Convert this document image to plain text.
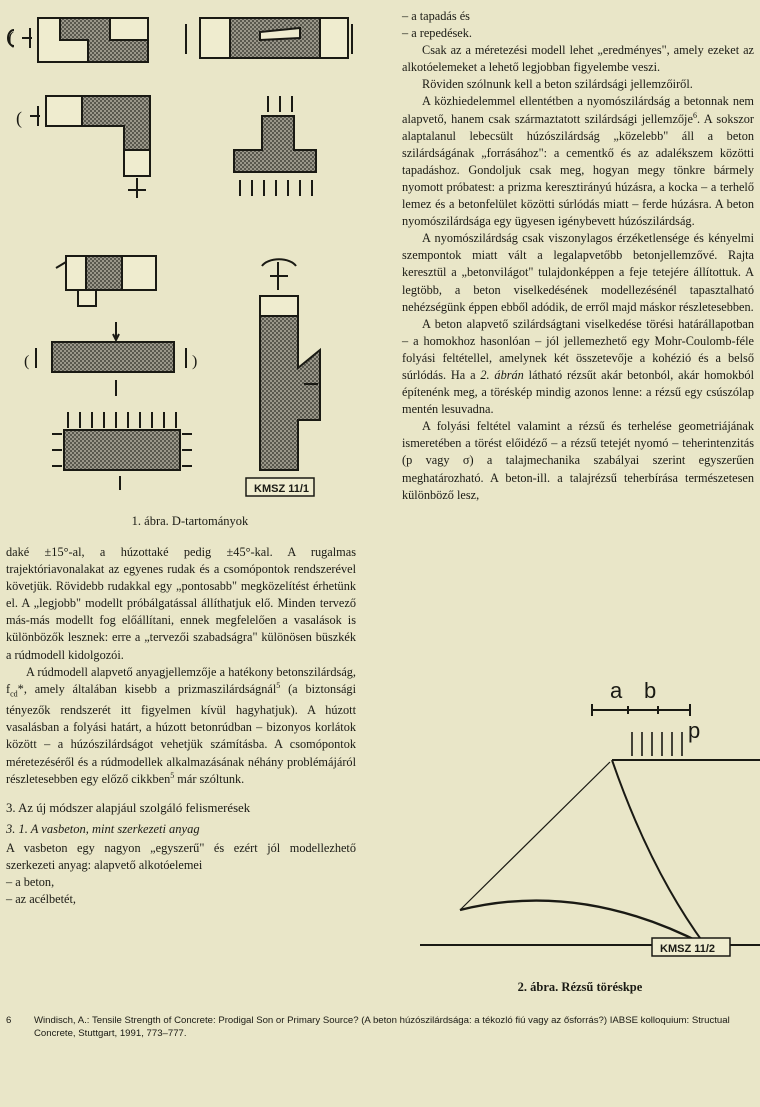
(
(
(	)
KMSZ 11/1
1. ábra. D-tartományok

daké ±15°-al, a húzottaké pedig ±45°-kal. A rugalmas trajektóriavonalakat az egyenes rudak és a csomópontok rendszerével követjük. Rövidebb rudakkal egy „pontosabb" megközelítést érhetünk el. A „legjobb" modellt próbálgatással állíthatjuk elő. Minden tervező más-más modellt fog előállítani, ennek megfelelően a vasalások is különbözők lesznek: erre a „tervezői szabadságra" különösen büszkék a rúdmodell kidolgozói.

A rúdmodell alapvető anyagjellemzője a hatékony betonszilárdság, $f_{cd}*$, amely általában kisebb a prizmaszilárdságnál$^5$ (a biztonsági tényezők rendszerét itt figyelmen kívül hagyhatjuk). A húzott vasalásban a folyási határt, a húzott betonrúdban – bizonyos korlátok között – a húzószilárdságot vehetjük számításba. A csomópontok méretezéséről és a rúdmodellek alkalmazásának néhány problémájáról részletesebben egy előző cikkben$^5$ már szóltunk.

3. Az új módszer alapjául szolgáló felismerések
3. 1. A vasbeton, mint szerkezeti anyag

A vasbeton egy nagyon „egyszerű" és ezért jól modellezhető szerkezeti anyag: alapvető alkotóelemei

– a beton,
– az acélbetét,
– a tapadás és
– a repedések.

Csak az a méretezési modell lehet „eredményes", amely ezeket az alkotóelemeket a lehető legjobban figyelembe veszi.

Röviden szólnunk kell a beton szilárdsági jellemzőiről.

A közhiedelemmel ellentétben a nyomószilárdság a betonnak nem alapvető, hanem csak származtatott szilárdsági jellemzője$^6$. A sokszor alaptalanul lebecsült húzószilárdság „közelebb" áll a beton szilárdságának „forrásához": a cementkő és az adalékszem közötti tapadáshoz. Gondoljuk csak meg, hogyan megy tönkre bármely nyomott próbatest: a prizma keresztirányú húzásra, a kocka – a terhelő lemez és a betonfelület közötti súrlódás miatt – ferde húzásra. A beton nyomószilárdsága egy ügyesen igénybevett húzószilárdság.

A nyomószilárdság csak viszonylagos érzéketlensége és kényelmi szempontok miatt vált a legalapvetőbb betonjellemzővé. Rajta keresztül a „betonvilágot" tulajdonképpen a feje tetejére állítottuk. A legtöbb, a beton viselkedésének modellezésénél tapasztalható nehézségünk éppen ebből adódik, de erről majd máskor részletesebben.

A beton alapvető szilárdságtani viselkedése törési határállapotban – a homokhoz hasonlóan – jól jellemezhető egy Mohr-Coulomb-féle folyási feltétellel, amelynek két összetevője a kohézió és a belső súrlódás. Ha a 2. ábrán látható rézsűt akár betonból, akár homokból építenénk meg, a töréskép mindig azonos lenne: a rézsű egy csúszólap mentén lesuvadna.

A folyási feltétel valamint a rézsű és terhelése geometriájának ismeretében a törést előidéző – a rézsű tetejét nyomó – teherintenzitás (p vagy σ) a talajmechanika szabályai szerint egyszerűen meghatározható. A beton-ill. a talajrézsű teherbírása természetesen különböző lesz,

a b
p
KMSZ 11/2
2. ábra. Rézsű töréskpe
6 Windisch, A.: Tensile Strength of Concrete: Prodigal Son or Primary Source? (A beton húzószilárdsága: a tékozló fiú vagy az ősforrás?) IABSE kolloquium: Structual Concrete, Stuttgart, 1991, 773–777.
